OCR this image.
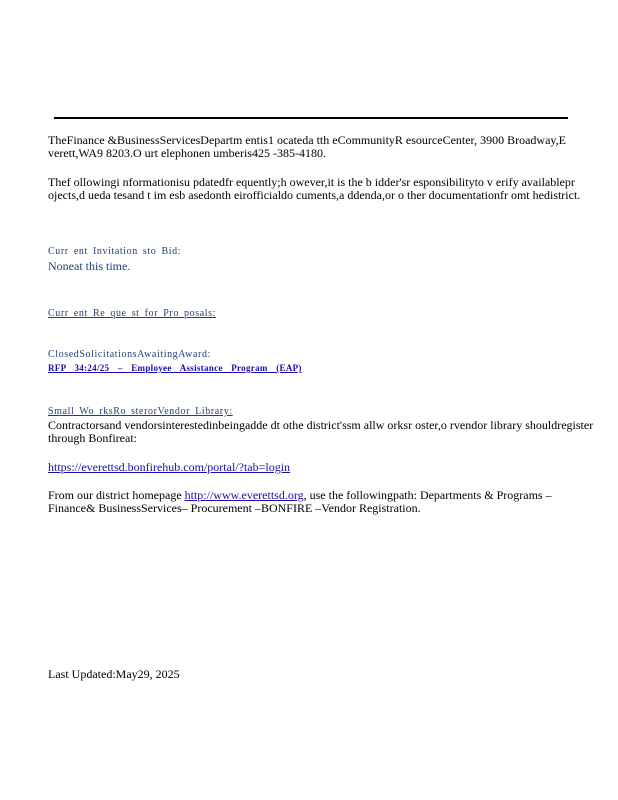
TheFinance &BusinessServicesDepartm entis1 ocateda tth eCommunityR esourceCenter, 3900 Broadway,E verett,WA9 8203.O urt elephonen umberis425 -385-4180.
Thef ollowingi nformationisu pdatedfr equently;h owever,it is the b idder'sr esponsibilityto v erify availablepr ojects,d ueda tesand t im esb asedonth eirofficialdo cuments,a ddenda,or o ther documentationfr omt hedistrict.
Curr ent Invitation sto Bid:
Noneat this time.
Curr ent Re que st for Pro posals:
ClosedSolicitationsAwaitingAward:
RFP 34:24/25 – Employee Assistance Program (EAP)
Small Wo rksRo sterorVendor Library:
Contractorsand vendorsinterestedinbeingadde dt othe district'ssm allw orksr oster,o rvendor library shouldregister through Bonfireat:
https://everettsd.bonfirehub.com/portal/?tab=login
From our district homepage http://www.everettsd.org, use the followingpath: Departments & Programs –Finance& BusinessServices– Procurement –BONFIRE –Vendor Registration.
Last Updated:May29, 2025
